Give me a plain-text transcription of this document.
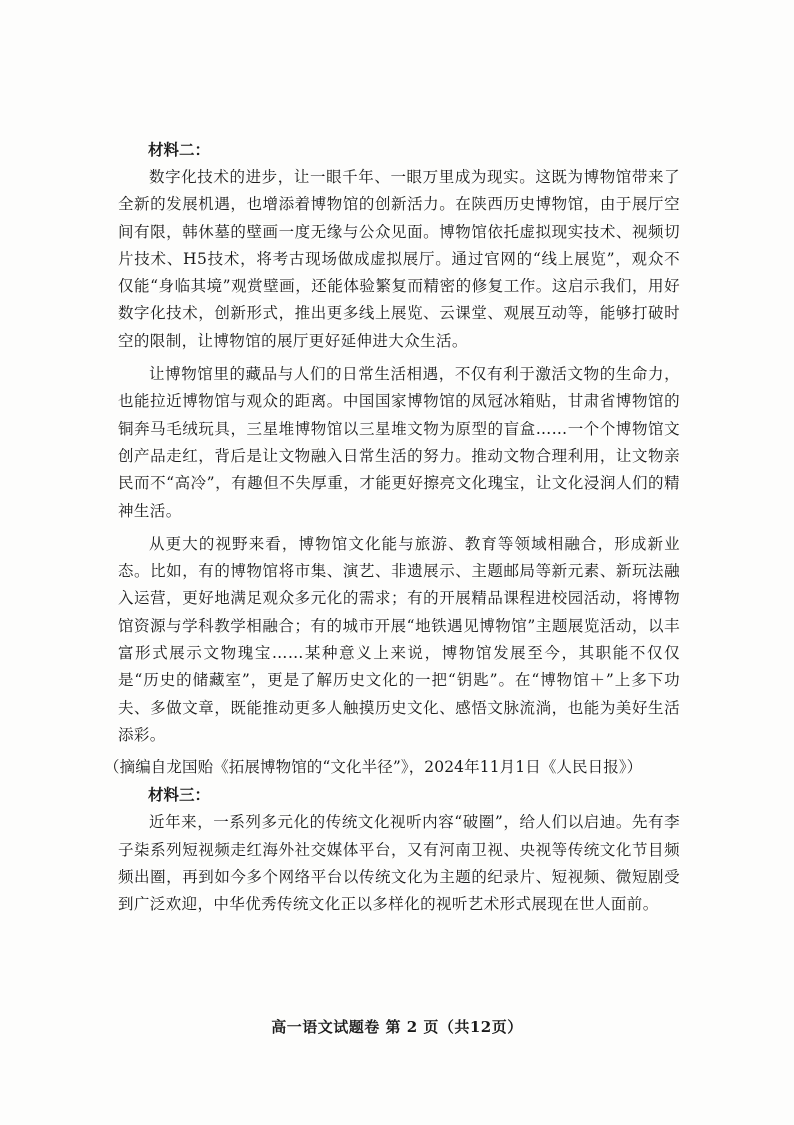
材料二：

数字化技术的进步，让一眼千年、一眼万里成为现实。这既为博物馆带来了全新的发展机遇，也增添着博物馆的创新活力。在陕西历史博物馆，由于展厅空间有限，韩休墓的壁画一度无缘与公众见面。博物馆依托虚拟现实技术、视频切片技术、H5技术，将考古现场做成虚拟展厅。通过官网的“线上展览”，观众不仅能“身临其境”观赏壁画，还能体验繁复而精密的修复工作。这启示我们，用好数字化技术，创新形式，推出更多线上展览、云课堂、观展互动等，能够打破时空的限制，让博物馆的展厅更好延伸进大众生活。

让博物馆里的藏品与人们的日常生活相遇，不仅有利于激活文物的生命力，也能拉近博物馆与观众的距离。中国国家博物馆的凤冠冰箱贴，甘肃省博物馆的铜奔马毛绒玩具，三星堆博物馆以三星堆文物为原型的盲盒……一个个博物馆文创产品走红，背后是让文物融入日常生活的努力。推动文物合理利用，让文物亲民而不“高冷”，有趣但不失厚重，才能更好擦亮文化瑰宝，让文化浸润人们的精神生活。

从更大的视野来看，博物馆文化能与旅游、教育等领域相融合，形成新业态。比如，有的博物馆将市集、演艺、非遗展示、主题邮局等新元素、新玩法融入运营，更好地满足观众多元化的需求；有的开展精品课程进校园活动，将博物馆资源与学科教学相融合；有的城市开展“地铁遇见博物馆”主题展览活动，以丰富形式展示文物瑰宝……某种意义上来说，博物馆发展至今，其职能不仅仅是“历史的储藏室”，更是了解历史文化的一把“钥匙”。在“博物馆＋”上多下功夫、多做文章，既能推动更多人触摸历史文化、感悟文脉流淌，也能为美好生活添彩。

（摘编自龙国贻《拓展博物馆的“文化半径”》，2024年11月1日《人民日报》）

材料三：

近年来，一系列多元化的传统文化视听内容“破圈”，给人们以启迪。先有李子柒系列短视频走红海外社交媒体平台，又有河南卫视、央视等传统文化节目频频出圈，再到如今多个网络平台以传统文化为主题的纪录片、短视频、微短剧受到广泛欢迎，中华优秀传统文化正以多样化的视听艺术形式展现在世人面前。

高一语文试题卷 第 2 页（共12页）
